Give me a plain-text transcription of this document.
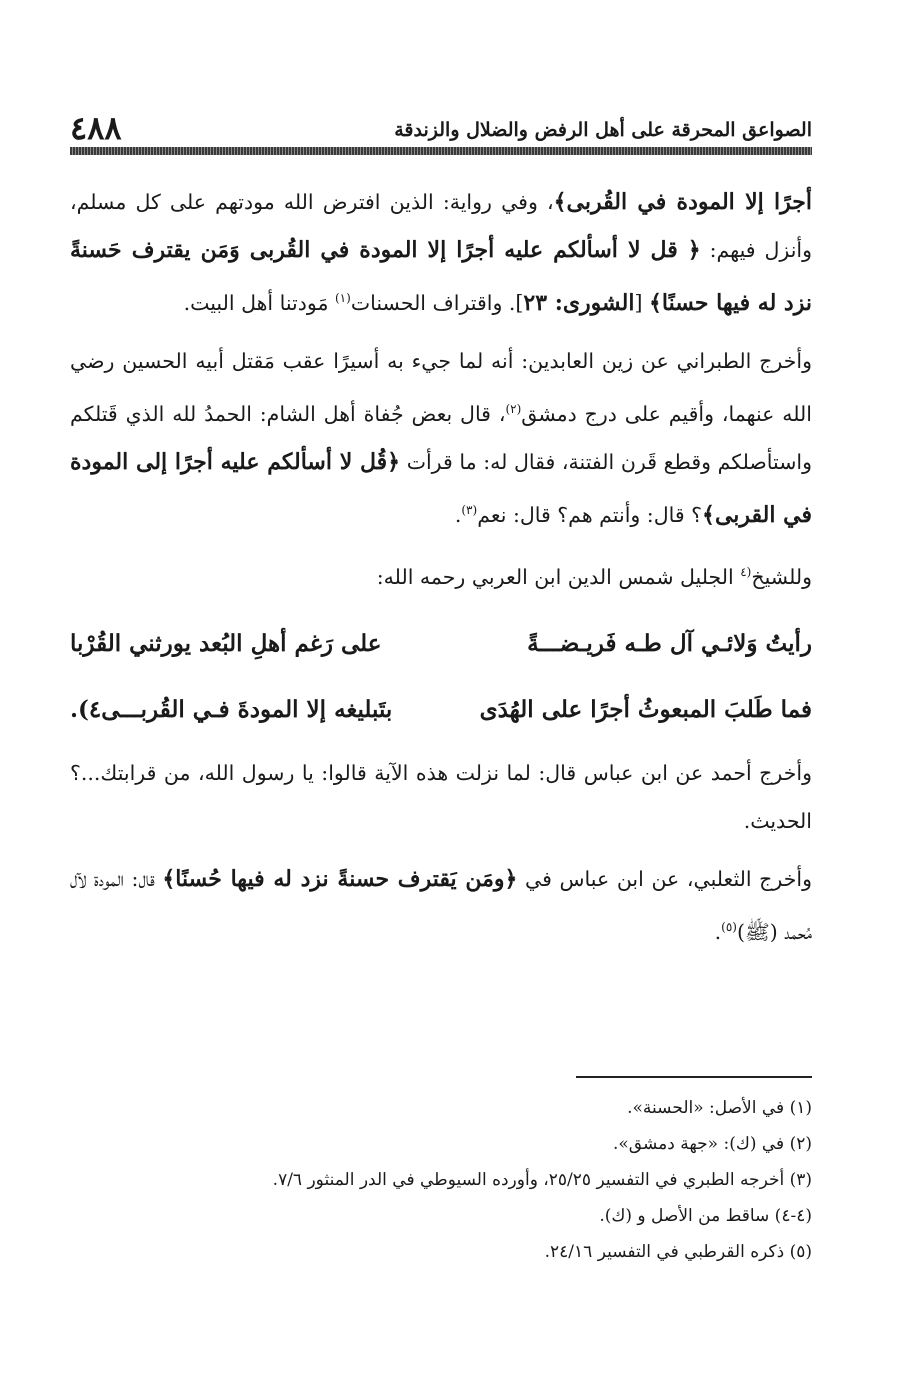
الصواعق المحرقة على أهل الرفض والضلال والزندقة
٤٨٨

أجرًا إلا المودة في القُربى﴾، وفي رواية: الذين افترض الله مودتهم على كل مسلم، وأنزل فيهم: ﴿ قل لا أسألكم عليه أجرًا إلا المودة في القُربى وَمَن يقترف حَسنةً نزد له فيها حسنًا﴾ [الشورى: ٢٣]. واقتراف الحسنات$^{(١)}$ مَودتنا أهل البيت.

وأخرج الطبراني عن زين العابدين: أنه لما جيء به أسيرًا عقب مَقتل أبيه الحسين رضي الله عنهما، وأقيم على درج دمشق$^{(٢)}$، قال بعض جُفاة أهل الشام: الحمدُ لله الذي قَتلكم واستأصلكم وقطع قَرن الفتنة، فقال له: ما قرأت ﴿قُل لا أسألكم عليه أجرًا إلى المودة في القربى﴾؟ قال: وأنتم هم؟ قال: نعم$^{(٣)}$.

وللشيخ$^{(٤}$ الجليل شمس الدين ابن العربي رحمه الله:

رأيتُ وَلائـي آل طـه فَريـضـــةً
على رَغم أهلِ البُعد يورثني القُرْبا
فما طَلبَ المبعوثُ أجرًا على الهُدَى
بتَبليغه إلا المودةَ فـي القُربـــى٤).

وأخرج أحمد عن ابن عباس قال: لما نزلت هذه الآية قالوا: يا رسول الله، من قرابتك...؟ الحديث.

وأخرج الثعلبي، عن ابن عباس في ﴿ومَن يَقترف حسنةً نزد له فيها حُسنًا﴾ قال: المودة لآل مُحمد (ﷺ)$^{(٥)}$.

(١) في الأصل: «الحسنة».

(٢) في (ك): «جهة دمشق».

(٣) أخرجه الطبري في التفسير ٢٥/٢٥، وأورده السيوطي في الدر المنثور ٧/٦.

(٤-٤) ساقط من الأصل و (ك).

(٥) ذكره القرطبي في التفسير ٢٤/١٦.
